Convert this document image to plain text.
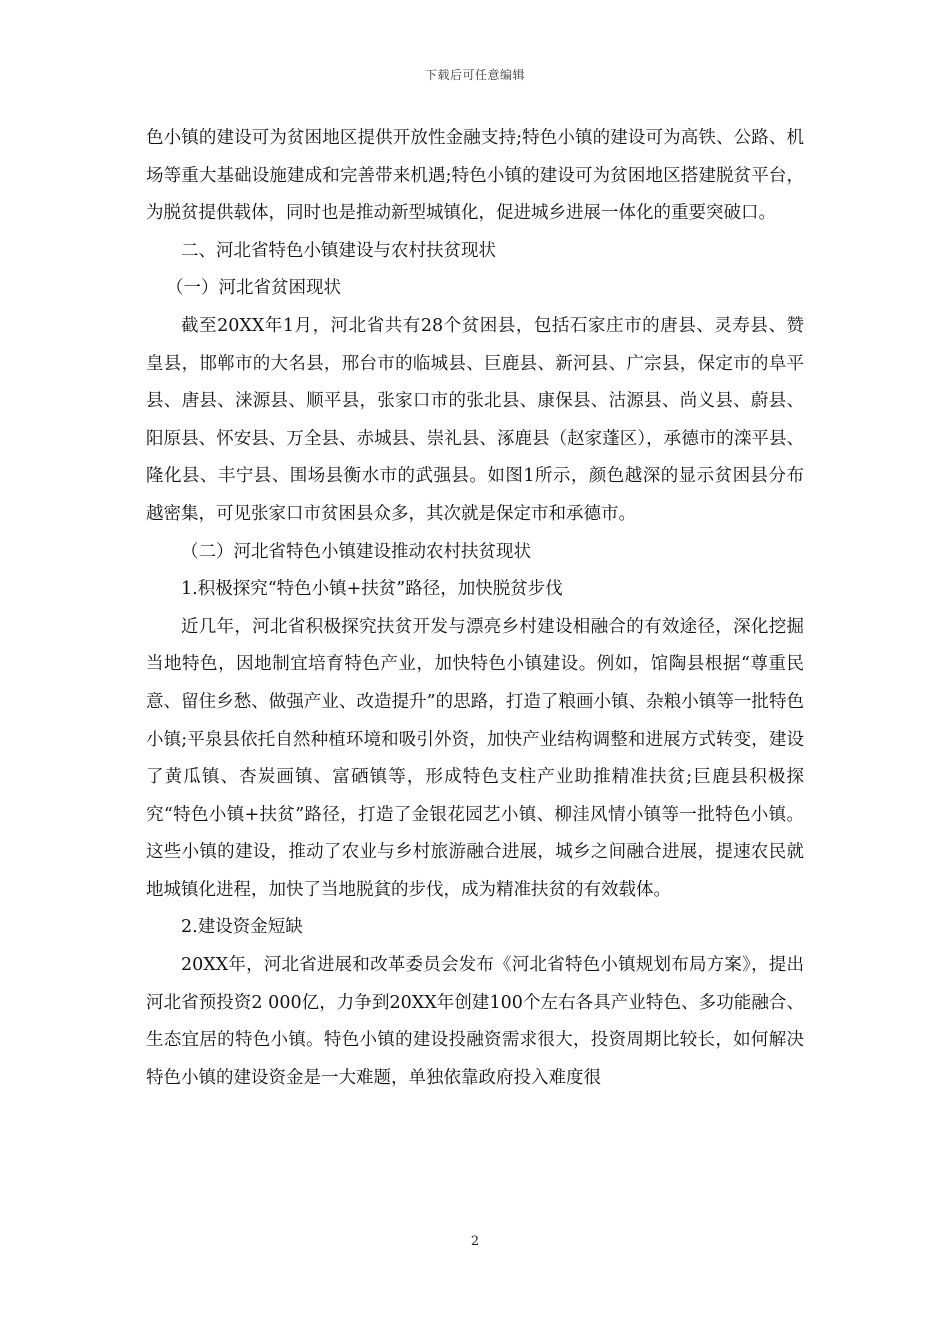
下载后可任意编辑

色小镇的建设可为贫困地区提供开放性金融支持;特色小镇的建设可为高铁、公路、机场等重大基础设施建成和完善带来机遇;特色小镇的建设可为贫困地区搭建脱贫平台，为脱贫提供载体，同时也是推动新型城镇化，促进城乡进展一体化的重要突破口。

二、河北省特色小镇建设与农村扶贫现状

（一）河北省贫困现状

截至20XX年1月，河北省共有28个贫困县，包括石家庄市的唐县、灵寿县、赞皇县，邯郸市的大名县，邢台市的临城县、巨鹿县、新河县、广宗县，保定市的阜平县、唐县、涞源县、顺平县，张家口市的张北县、康保县、沽源县、尚义县、蔚县、阳原县、怀安县、万全县、赤城县、崇礼县、涿鹿县（赵家蓬区），承德市的滦平县、隆化县、丰宁县、围场县衡水市的武强县。如图1所示，颜色越深的显示贫困县分布越密集，可见张家口市贫困县众多，其次就是保定市和承德市。

（二）河北省特色小镇建设推动农村扶贫现状

1.积极探究“特色小镇+扶贫”路径，加快脱贫步伐

近几年，河北省积极探究扶贫开发与漂亮乡村建设相融合的有效途径，深化挖掘当地特色，因地制宜培育特色产业，加快特色小镇建设。例如，馆陶县根据“尊重民意、留住乡愁、做强产业、改造提升”的思路，打造了粮画小镇、杂粮小镇等一批特色小镇;平泉县依托自然种植环境和吸引外资，加快产业结构调整和进展方式转变，建设了黄瓜镇、杏炭画镇、富硒镇等，形成特色支柱产业助推精准扶贫;巨鹿县积极探究“特色小镇+扶贫”路径，打造了金银花园艺小镇、柳洼风情小镇等一批特色小镇。这些小镇的建设，推动了农业与乡村旅游融合进展，城乡之间融合进展，提速农民就地城镇化进程，加快了当地脱貧的步伐，成为精准扶贫的有效载体。

2.建设资金短缺

20XX年，河北省进展和改革委员会发布《河北省特色小镇规划布局方案》，提出河北省预投资2 000亿，力争到20XX年创建100个左右各具产业特色、多功能融合、生态宜居的特色小镇。特色小镇的建设投融资需求很大，投资周期比较长，如何解决特色小镇的建设资金是一大难题，单独依靠政府投入难度很

2
